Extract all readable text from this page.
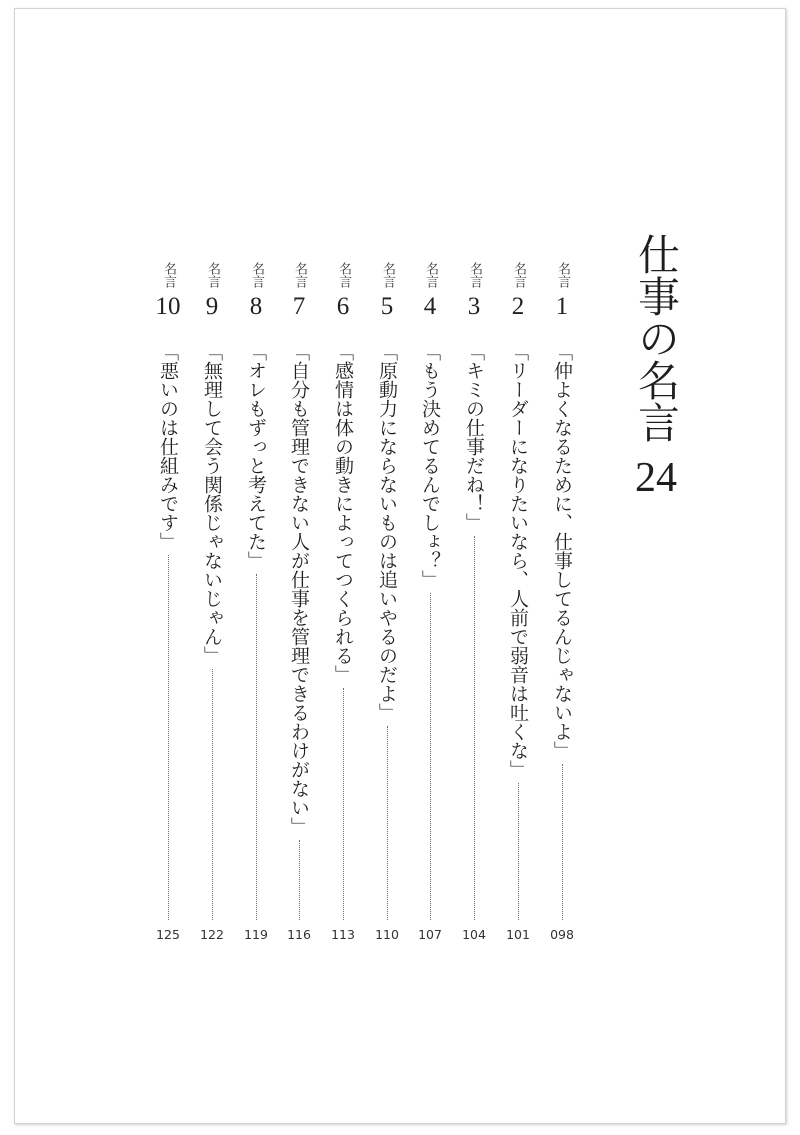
仕事の名言24
名言
1
「仲よくなるために、仕事してるんじゃないよ」
098
名言
2
「リーダーになりたいなら、人前で弱音は吐くな」
101
名言
3
「キミの仕事だね！」
104
名言
4
「もう決めてるんでしょ？」
107
名言
5
「原動力にならないものは追いやるのだよ」
110
名言
6
「感情は体の動きによってつくられる」
113
名言
7
「自分も管理できない人が仕事を管理できるわけがない」
116
名言
8
「オレもずっと考えてた」
119
名言
9
「無理して会う関係じゃないじゃん」
122
名言
10
「悪いのは仕組みです」
125
